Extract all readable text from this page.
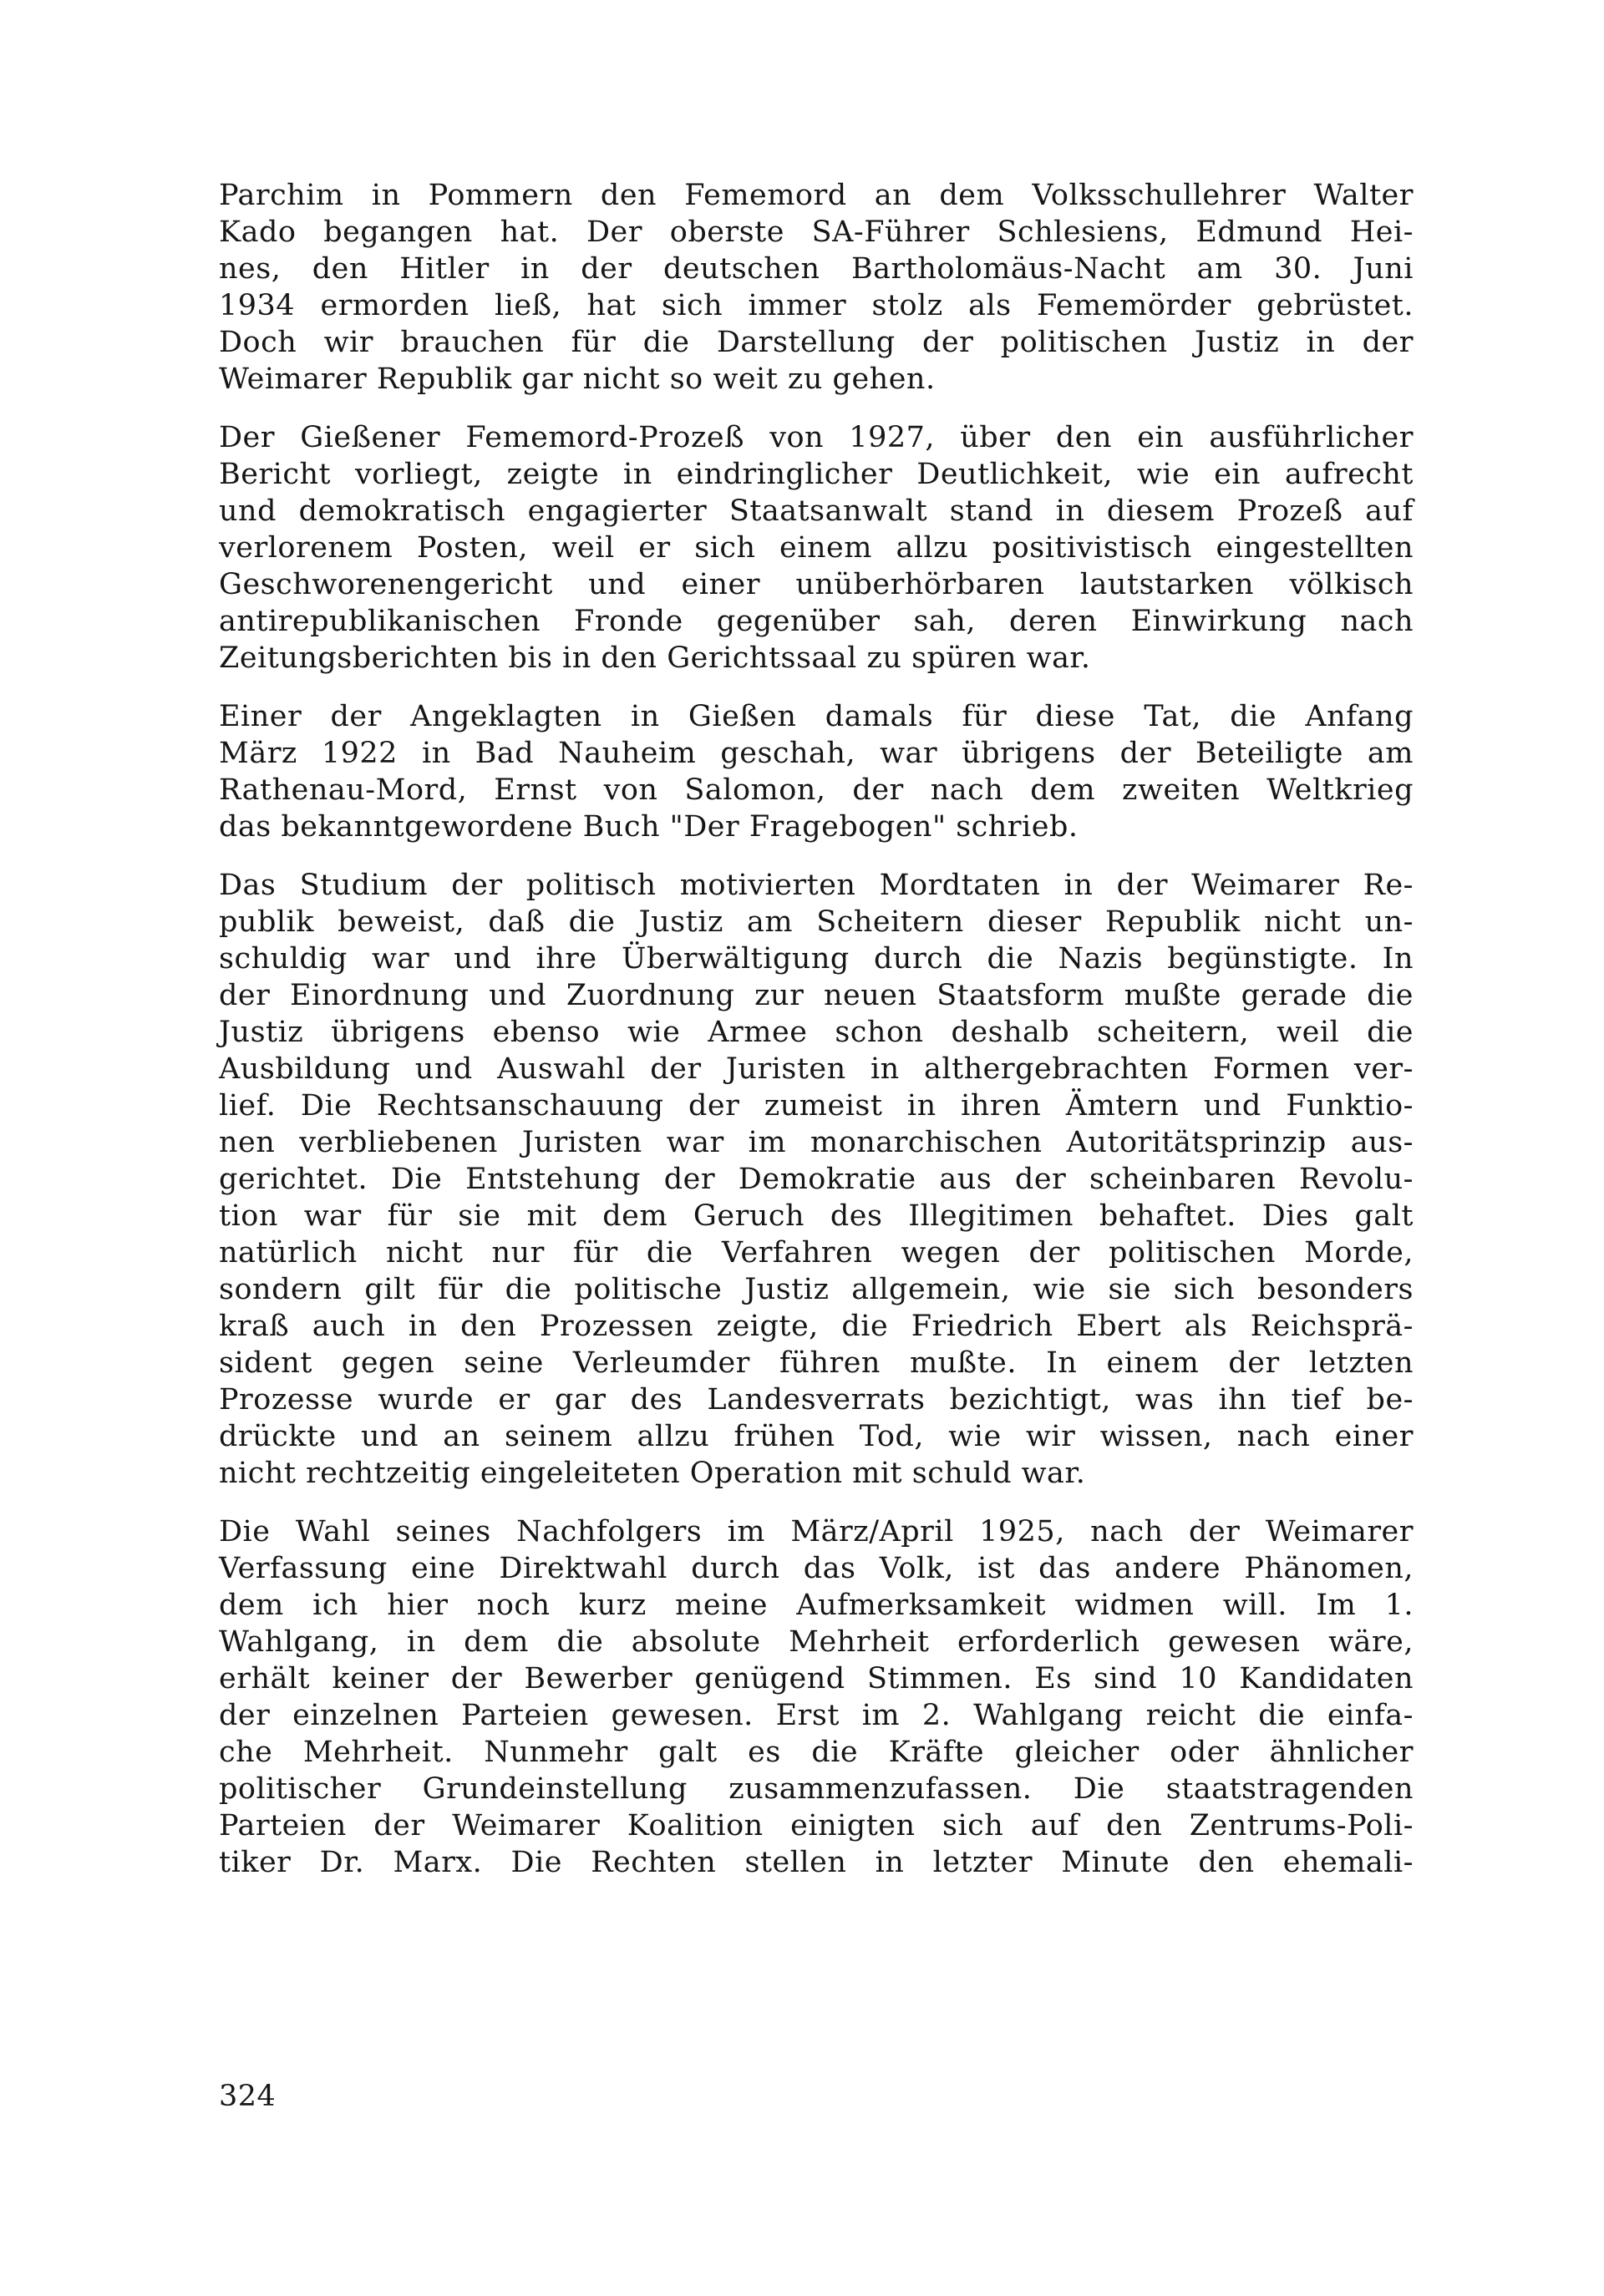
Parchim in Pommern den Fememord an dem Volksschullehrer Walter
Kado begangen hat. Der oberste SA-Führer Schlesiens, Edmund Hei-
nes, den Hitler in der deutschen Bartholomäus-Nacht am 30. Juni
1934 ermorden ließ, hat sich immer stolz als Fememörder gebrüstet.
Doch wir brauchen für die Darstellung der politischen Justiz in der
Weimarer Republik gar nicht so weit zu gehen.
Der Gießener Fememord-Prozeß von 1927, über den ein ausführlicher
Bericht vorliegt, zeigte in eindringlicher Deutlichkeit, wie ein aufrecht
und demokratisch engagierter Staatsanwalt stand in diesem Prozeß auf
verlorenem Posten, weil er sich einem allzu positivistisch eingestellten
Geschworenengericht und einer unüberhörbaren lautstarken völkisch
antirepublikanischen Fronde gegenüber sah, deren Einwirkung nach
Zeitungsberichten bis in den Gerichtssaal zu spüren war.
Einer der Angeklagten in Gießen damals für diese Tat, die Anfang
März 1922 in Bad Nauheim geschah, war übrigens der Beteiligte am
Rathenau-Mord, Ernst von Salomon, der nach dem zweiten Weltkrieg
das bekanntgewordene Buch "Der Fragebogen" schrieb.
Das Studium der politisch motivierten Mordtaten in der Weimarer Re-
publik beweist, daß die Justiz am Scheitern dieser Republik nicht un-
schuldig war und ihre Überwältigung durch die Nazis begünstigte. In
der Einordnung und Zuordnung zur neuen Staatsform mußte gerade die
Justiz übrigens ebenso wie Armee schon deshalb scheitern, weil die
Ausbildung und Auswahl der Juristen in althergebrachten Formen ver-
lief. Die Rechtsanschauung der zumeist in ihren Ämtern und Funktio-
nen verbliebenen Juristen war im monarchischen Autoritätsprinzip aus-
gerichtet. Die Entstehung der Demokratie aus der scheinbaren Revolu-
tion war für sie mit dem Geruch des Illegitimen behaftet. Dies galt
natürlich nicht nur für die Verfahren wegen der politischen Morde,
sondern gilt für die politische Justiz allgemein, wie sie sich besonders
kraß auch in den Prozessen zeigte, die Friedrich Ebert als Reichsprä-
sident gegen seine Verleumder führen mußte. In einem der letzten
Prozesse wurde er gar des Landesverrats bezichtigt, was ihn tief be-
drückte und an seinem allzu frühen Tod, wie wir wissen, nach einer
nicht rechtzeitig eingeleiteten Operation mit schuld war.
Die Wahl seines Nachfolgers im März/April 1925, nach der Weimarer
Verfassung eine Direktwahl durch das Volk, ist das andere Phänomen,
dem ich hier noch kurz meine Aufmerksamkeit widmen will. Im 1.
Wahlgang, in dem die absolute Mehrheit erforderlich gewesen wäre,
erhält keiner der Bewerber genügend Stimmen. Es sind 10 Kandidaten
der einzelnen Parteien gewesen. Erst im 2. Wahlgang reicht die einfa-
che Mehrheit. Nunmehr galt es die Kräfte gleicher oder ähnlicher
politischer Grundeinstellung zusammenzufassen. Die staatstragenden
Parteien der Weimarer Koalition einigten sich auf den Zentrums-Poli-
tiker Dr. Marx. Die Rechten stellen in letzter Minute den ehemali-
324
